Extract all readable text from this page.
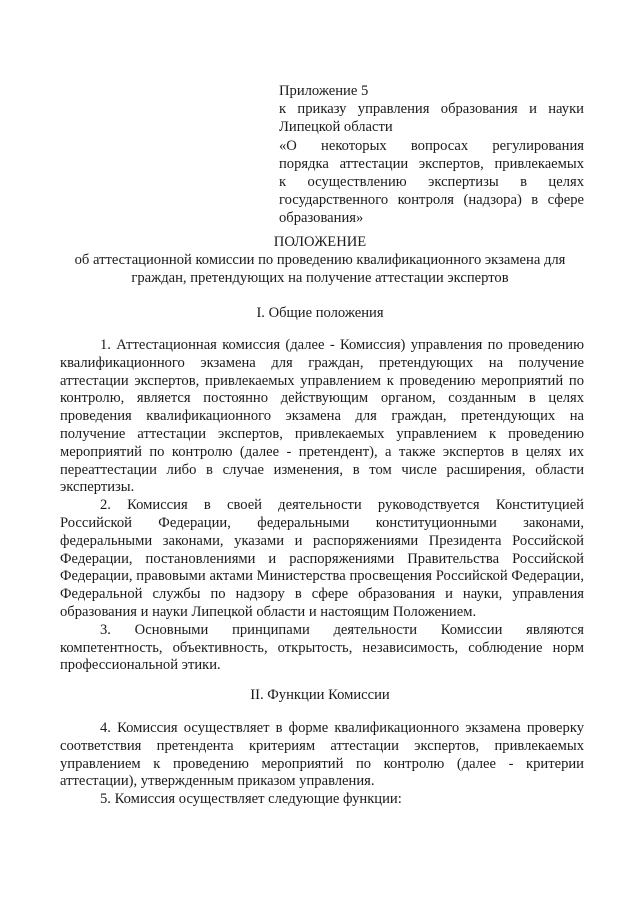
Приложение 5
к приказу управления образования и науки
Липецкой области
«О некоторых вопросах регулирования
порядка аттестации экспертов, привлекаемых
к осуществлению экспертизы в целях
государственного контроля (надзора) в сфере
образования»
ПОЛОЖЕНИЕ
об аттестационной комиссии по проведению квалификационного экзамена для
граждан, претендующих на получение аттестации экспертов
I. Общие положения

1. Аттестационная комиссия (далее - Комиссия) управления по проведению квалификационного экзамена для граждан, претендующих на получение аттестации экспертов, привлекаемых управлением к проведению мероприятий по контролю, является постоянно действующим органом, созданным в целях проведения квалификационного экзамена для граждан, претендующих на получение аттестации экспертов, привлекаемых управлением к проведению мероприятий по контролю (далее - претендент), а также экспертов в целях их переаттестации либо в случае изменения, в том числе расширения, области экспертизы.

2. Комиссия в своей деятельности руководствуется Конституцией Российской Федерации, федеральными конституционными законами, федеральными законами, указами и распоряжениями Президента Российской Федерации, постановлениями и распоряжениями Правительства Российской Федерации, правовыми актами Министерства просвещения Российской Федерации, Федеральной службы по надзору в сфере образования и науки, управления образования и науки Липецкой области и настоящим Положением.

3. Основными принципами деятельности Комиссии являются компетентность, объективность, открытость, независимость, соблюдение норм профессиональной этики.

II. Функции Комиссии

4. Комиссия осуществляет в форме квалификационного экзамена проверку соответствия претендента критериям аттестации экспертов, привлекаемых управлением к проведению мероприятий по контролю (далее - критерии аттестации), утвержденным приказом управления.

5. Комиссия осуществляет следующие функции:
